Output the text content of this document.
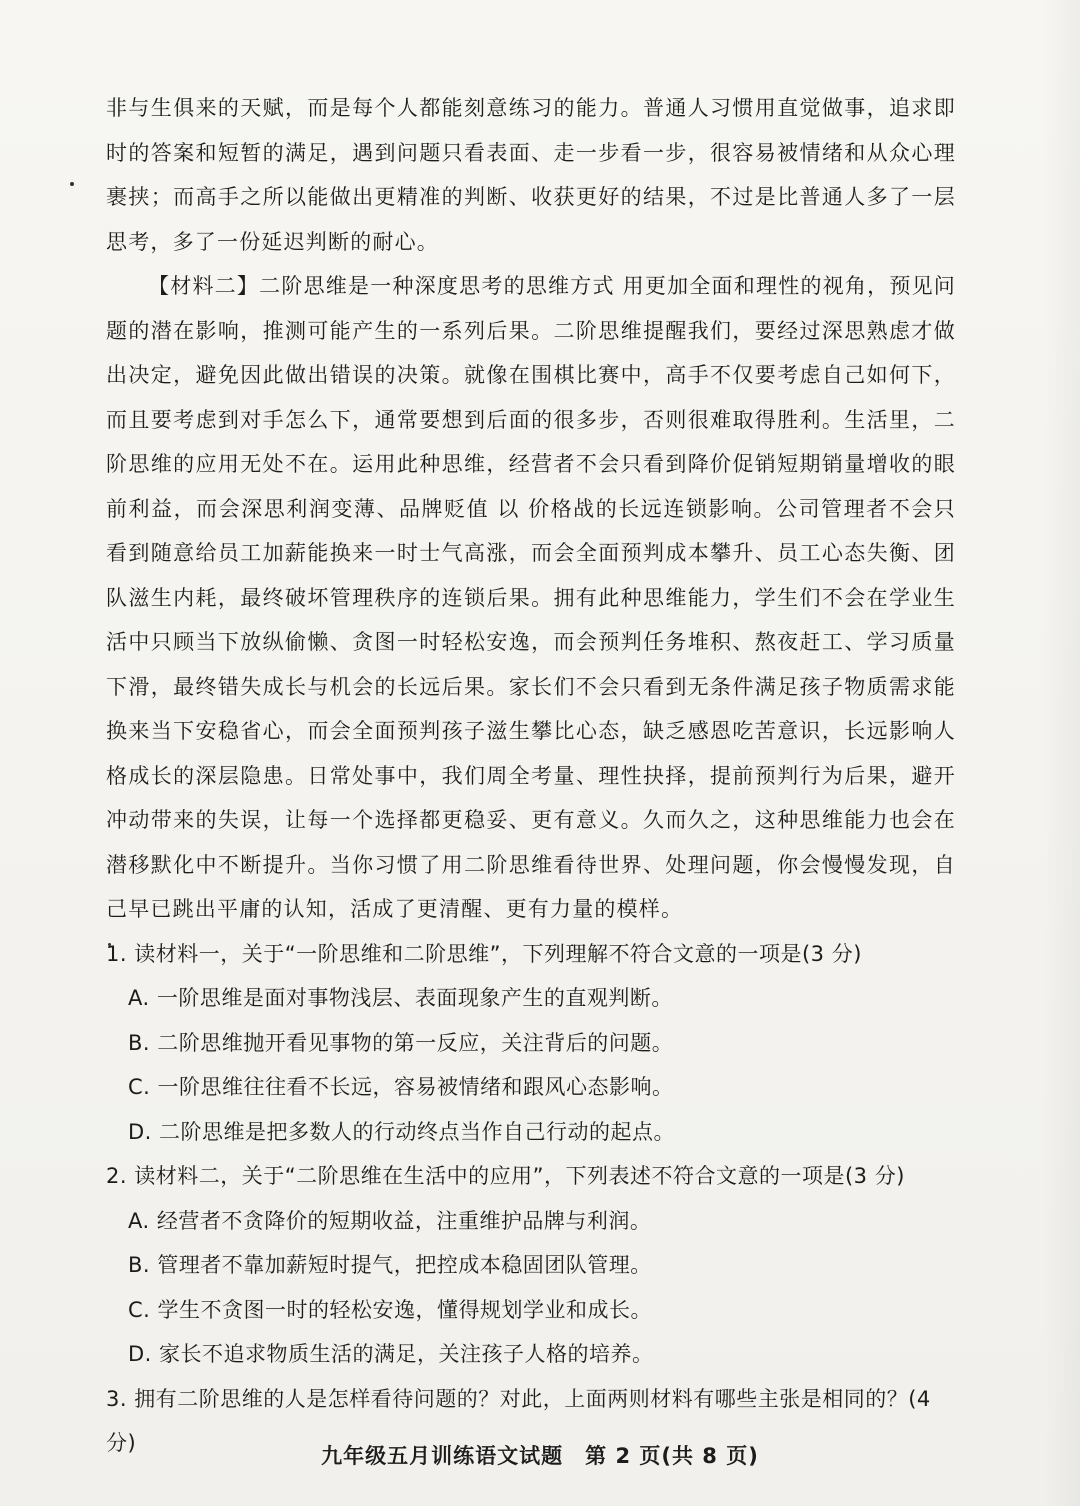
非与生俱来的天赋，而是每个人都能刻意练习的能力。普通人习惯用直觉做事，追求即时的答案和短暂的满足，遇到问题只看表面、走一步看一步，很容易被情绪和从众心理裹挟；而高手之所以能做出更精准的判断、收获更好的结果，不过是比普通人多了一层思考，多了一份延迟判断的耐心。

【材料二】二阶思维是一种深度思考的思维方式 用更加全面和理性的视角，预见问题的潜在影响，推测可能产生的一系列后果。二阶思维提醒我们，要经过深思熟虑才做出决定，避免因此做出错误的决策。就像在围棋比赛中，高手不仅要考虑自己如何下，而且要考虑到对手怎么下，通常要想到后面的很多步，否则很难取得胜利。生活里，二阶思维的应用无处不在。运用此种思维，经营者不会只看到降价促销短期销量增收的眼前利益，而会深思利润变薄、品牌贬值 以 价格战的长远连锁影响。公司管理者不会只看到随意给员工加薪能换来一时士气高涨，而会全面预判成本攀升、员工心态失衡、团队滋生内耗，最终破坏管理秩序的连锁后果。拥有此种思维能力，学生们不会在学业生活中只顾当下放纵偷懒、贪图一时轻松安逸，而会预判任务堆积、熬夜赶工、学习质量下滑，最终错失成长与机会的长远后果。家长们不会只看到无条件满足孩子物质需求能换来当下安稳省心，而会全面预判孩子滋生攀比心态，缺乏感恩吃苦意识，长远影响人格成长的深层隐患。日常处事中，我们周全考量、理性抉择，提前预判行为后果，避开冲动带来的失误，让每一个选择都更稳妥、更有意义。久而久之，这种思维能力也会在潜移默化中不断提升。当你习惯了用二阶思维看待世界、处理问题，你会慢慢发现，自己早已跳出平庸的认知，活成了更清醒、更有力量的模样。

1. 读材料一，关于“一阶思维和二阶思维”，下列理解不符合文意的一项是(3 分)

A. 一阶思维是面对事物浅层、表面现象产生的直观判断。

B. 二阶思维抛开看见事物的第一反应，关注背后的问题。

C. 一阶思维往往看不长远，容易被情绪和跟风心态影响。

D. 二阶思维是把多数人的行动终点当作自己行动的起点。

2. 读材料二，关于“二阶思维在生活中的应用”，下列表述不符合文意的一项是(3 分)

A. 经营者不贪降价的短期收益，注重维护品牌与利润。

B. 管理者不靠加薪短时提气，把控成本稳固团队管理。

C. 学生不贪图一时的轻松安逸，懂得规划学业和成长。

D. 家长不追求物质生活的满足，关注孩子人格的培养。

3. 拥有二阶思维的人是怎样看待问题的？对此，上面两则材料有哪些主张是相同的？(4 分)

九年级五月训练语文试题　第 2 页(共 8 页)
